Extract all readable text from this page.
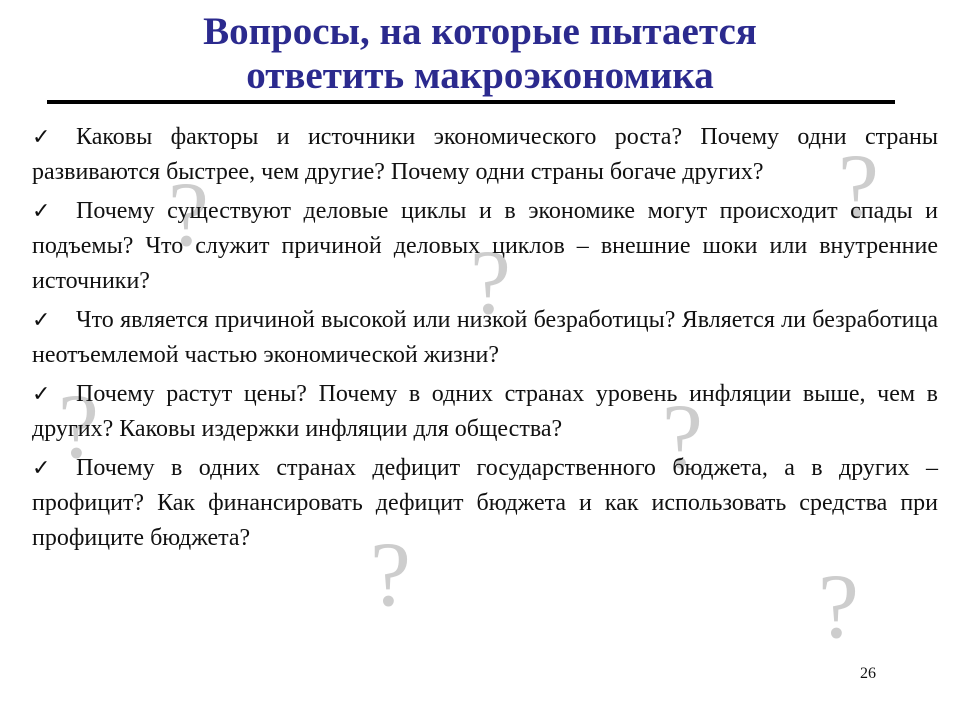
Вопросы, на которые пытается
ответить макроэкономика
?
?
?
?	?
?	?
✓ Каковы факторы и источники экономического роста? Почему одни страны развиваются быстрее, чем другие? Почему одни страны богаче других?
✓ Почему существуют деловые циклы и в экономике могут происходит спады и подъемы? Что служит причиной деловых циклов – внешние шоки или внутренние источники?
✓ Что является причиной высокой или низкой безработицы? Является ли безработица неотъемлемой частью экономической жизни?
✓ Почему растут цены? Почему в одних странах уровень инфляции выше, чем в других? Каковы издержки инфляции для общества?
✓ Почему в одних странах дефицит государственного бюджета, а в других – профицит? Как финансировать дефицит бюджета и как использовать средства при профиците бюджета?
26
